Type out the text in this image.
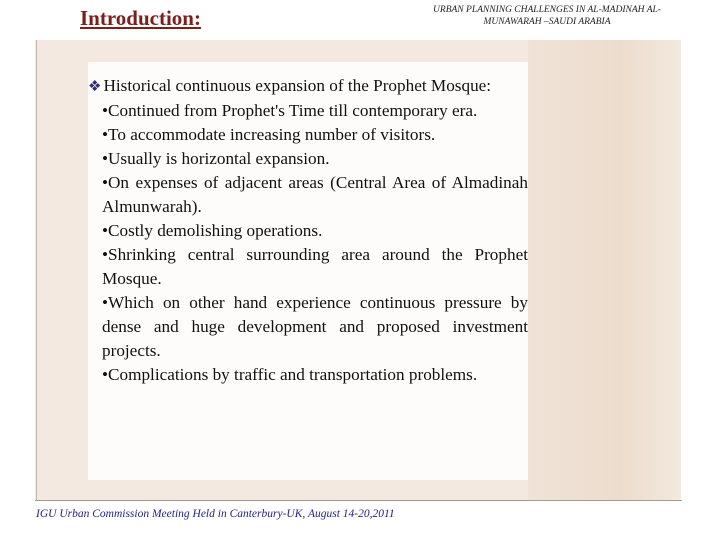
Introduction:	URBAN PLANNING CHALLENGES IN AL-MADINAH AL-MUNAWARAH –SAUDI ARABIA
❖ Historical continuous expansion of the Prophet Mosque:
•Continued from Prophet's Time till contemporary era.
•To accommodate increasing number of visitors.
•Usually is horizontal expansion.
•On expenses of adjacent areas (Central Area of Almadinah Almunwarah).
•Costly demolishing operations.
•Shrinking central surrounding area around the Prophet Mosque.
•Which on other hand experience continuous pressure by dense and huge development and proposed investment projects.
•Complications by traffic and transportation problems.
IGU Urban Commission Meeting Held in Canterbury-UK, August 14-20,2011
